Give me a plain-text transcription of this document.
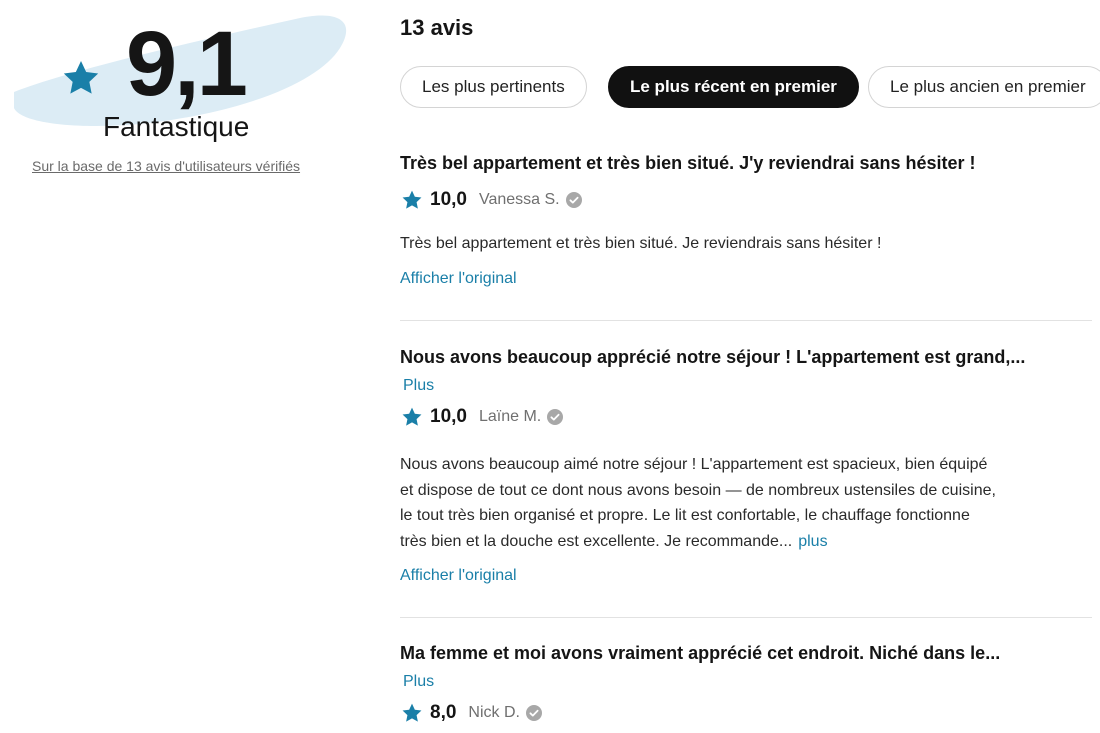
9,1
Fantastique
Sur la base de 13 avis d'utilisateurs vérifiés
13 avis
Les plus pertinents	Le plus récent en premier	Le plus ancien en premier
Très bel appartement et très bien situé. J'y reviendrai sans hésiter !
10,0 Vanessa S.
Très bel appartement et très bien situé. Je reviendrais sans hésiter !
Afficher l'original
Nous avons beaucoup apprécié notre séjour ! L'appartement est grand,...
Plus
10,0 Laïne M.
Nous avons beaucoup aimé notre séjour ! L'appartement est spacieux, bien équipé
et dispose de tout ce dont nous avons besoin — de nombreux ustensiles de cuisine,
le tout très bien organisé et propre. Le lit est confortable, le chauffage fonctionne
très bien et la douche est excellente. Je recommande... plus
Afficher l'original
Ma femme et moi avons vraiment apprécié cet endroit. Niché dans le...
Plus
8,0 Nick D.
